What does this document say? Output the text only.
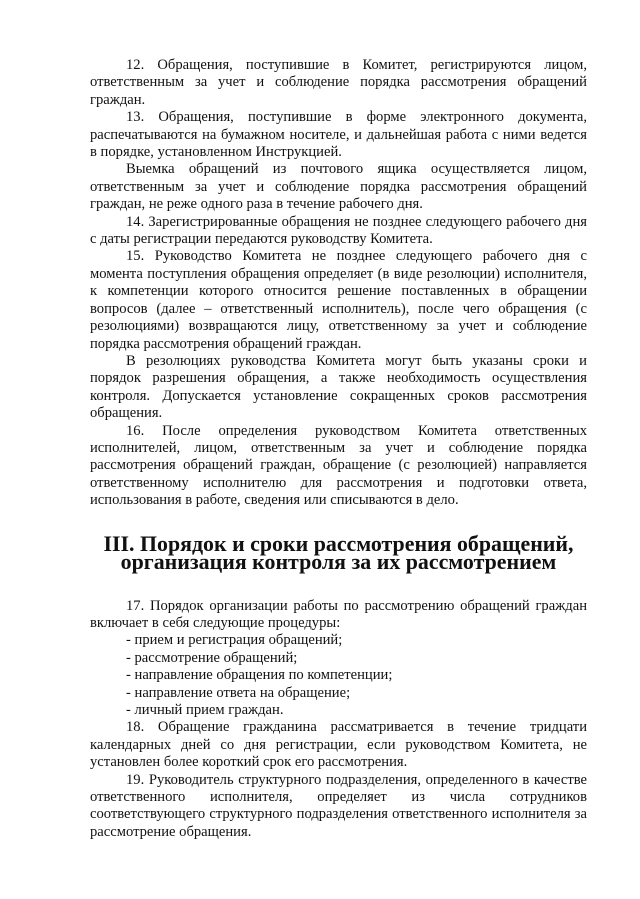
12. Обращения, поступившие в Комитет, регистрируются лицом, ответственным за учет и соблюдение порядка рассмотрения обращений граждан.

13. Обращения, поступившие в форме электронного документа, распечатываются на бумажном носителе, и дальнейшая работа с ними ведется в порядке, установленном Инструкцией.

Выемка обращений из почтового ящика осуществляется лицом, ответственным за учет и соблюдение порядка рассмотрения обращений граждан, не реже одного раза в течение рабочего дня.

14. Зарегистрированные обращения не позднее следующего рабочего дня с даты регистрации передаются руководству Комитета.

15. Руководство Комитета не позднее следующего рабочего дня с момента поступления обращения определяет (в виде резолюции) исполнителя, к компетенции которого относится решение поставленных в обращении вопросов (далее – ответственный исполнитель), после чего обращения (с резолюциями) возвращаются лицу, ответственному за учет и соблюдение порядка рассмотрения обращений граждан.

В резолюциях руководства Комитета могут быть указаны сроки и порядок разрешения обращения, а также необходимость осуществления контроля. Допускается установление сокращенных сроков рассмотрения обращения.

16. После определения руководством Комитета ответственных исполнителей, лицом, ответственным за учет и соблюдение порядка рассмотрения обращений граждан, обращение (с резолюцией) направляется ответственному исполнителю для рассмотрения и подготовки ответа, использования в работе, сведения или списываются в дело.

III. Порядок и сроки рассмотрения обращений, организация контроля за их рассмотрением

17. Порядок организации работы по рассмотрению обращений граждан включает в себя следующие процедуры:

- прием и регистрация обращений;
- рассмотрение обращений;
- направление обращения по компетенции;
- направление ответа на обращение;
- личный прием граждан.

18. Обращение гражданина рассматривается в течение тридцати календарных дней со дня регистрации, если руководством Комитета, не установлен более короткий срок его рассмотрения.

19. Руководитель структурного подразделения, определенного в качестве ответственного исполнителя, определяет из числа сотрудников соответствующего структурного подразделения ответственного исполнителя за рассмотрение обращения.
